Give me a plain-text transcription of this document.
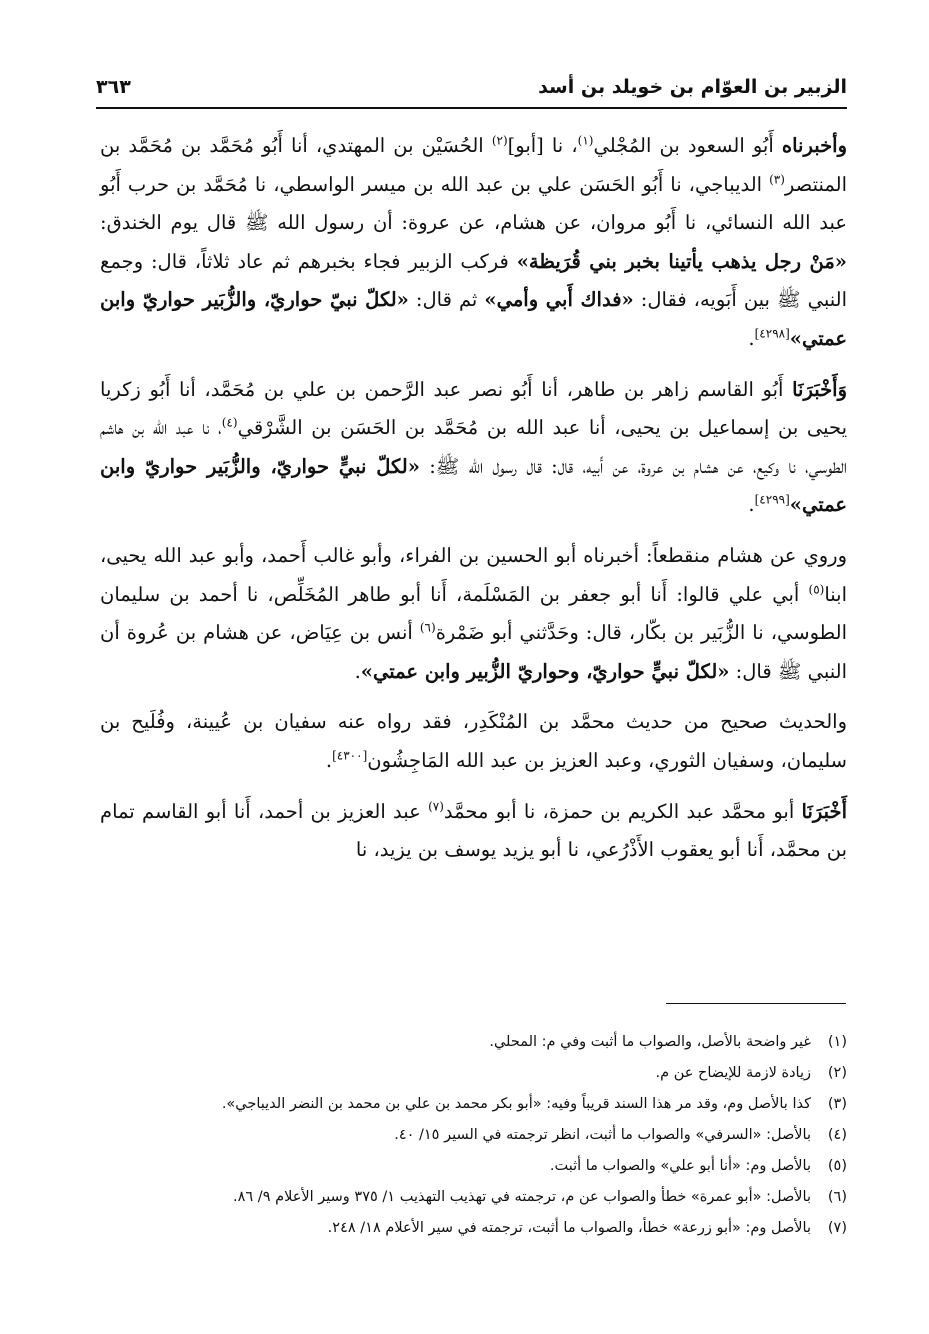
الزبير بن العوّام بن خويلد بن أسد
٣٦٣

وأخبرناه أَبُو السعود بن المُجْلي$^{(١)}$، نا [أبو]$^{(٢)}$ الحُسَيْن بن المهتدي، أنا أَبُو مُحَمَّد بن مُحَمَّد بن المنتصر$^{(٣)}$ الديباجي، نا أَبُو الحَسَن علي بن عبد الله بن ميسر الواسطي، نا مُحَمَّد بن حرب أَبُو عبد الله النسائي، نا أَبُو مروان، عن هشام، عن عروة: أن رسول الله ﷺ قال يوم الخندق: «مَنْ رجل يذهب يأتينا بخبر بني قُرَيظة» فركب الزبير فجاء بخبرهم ثم عاد ثلاثاً، قال: وجمع النبي ﷺ بين أَبَويه، فقال: «فداك أَبي وأمي» ثم قال: «لكلّ نبيّ حواريّ، والزُّبَير حواريّ وابن عمتي»[٤٢٩٨].

وَأَخْبَرَنَا أَبُو القاسم زاهر بن طاهر، أنا أَبُو نصر عبد الرَّحمن بن علي بن مُحَمَّد، أنا أَبُو زكريا يحيى بن إسماعيل بن يحيى، أنا عبد الله بن مُحَمَّد بن الحَسَن بن الشَّرْقي$^{(٤)}$، نا عبد الله بن هاشم الطوسي، نا وكيع، عن هشام بن عروة، عن أَبيه، قال: قال رسول الله ﷺ: «لكلّ نبيٍّ حواريّ، والزُّبَير حواريّ وابن عمتي»[٤٢٩٩].

وروي عن هشام منقطعاً: أخبرناه أبو الحسين بن الفراء، وأبو غالب أَحمد، وأبو عبد الله يحيى، ابنا$^{(٥)}$ أبي علي قالوا: أَنا أبو جعفر بن المَسْلَمة، أَنا أبو طاهر المُخَلِّص، نا أحمد بن سليمان الطوسي، نا الزُّبَير بن بكّار، قال: وحَدَّثني أبو ضَمْرة$^{(٦)}$ أنس بن عِيَاض، عن هشام بن عُروة أن النبي ﷺ قال: «لكلّ نبيٍّ حواريّ، وحواريّ الزُّبير وابن عمتي».

والحديث صحيح من حديث محمَّد بن المُنْكَدِر، فقد رواه عنه سفيان بن عُيينة، وفُلَيح بن سليمان، وسفيان الثوري، وعبد العزيز بن عبد الله المَاجِشُون[٤٣٠٠].

أَخْبَرَنَا أبو محمَّد عبد الكريم بن حمزة، نا أبو محمَّد$^{(٧)}$ عبد العزيز بن أحمد، أَنا أبو القاسم تمام بن محمَّد، أَنا أبو يعقوب الأَذْرُعي، نا أبو يزيد يوسف بن يزيد، نا

(١)
غير واضحة بالأصل، والصواب ما أثبت وفي م: المحلي.
(٢)
زيادة لازمة للإيضاح عن م.
(٣)
كذا بالأصل وم، وقد مر هذا السند قريباً وفيه: «أبو بكر محمد بن علي بن محمد بن النضر الديباجي».
(٤)
بالأصل: «السرفي» والصواب ما أثبت، انظر ترجمته في السير ١٥/ ٤٠.
(٥)
بالأصل وم: «أنا أبو علي» والصواب ما أثبت.
(٦)
بالأصل: «أبو عمرة» خطأ والصواب عن م، ترجمته في تهذيب التهذيب ١/ ٣٧٥ وسير الأعلام ٩/ ٨٦.
(٧)
بالأصل وم: «أبو زرعة» خطأ، والصواب ما أثبت، ترجمته في سير الأعلام ١٨/ ٢٤٨.
